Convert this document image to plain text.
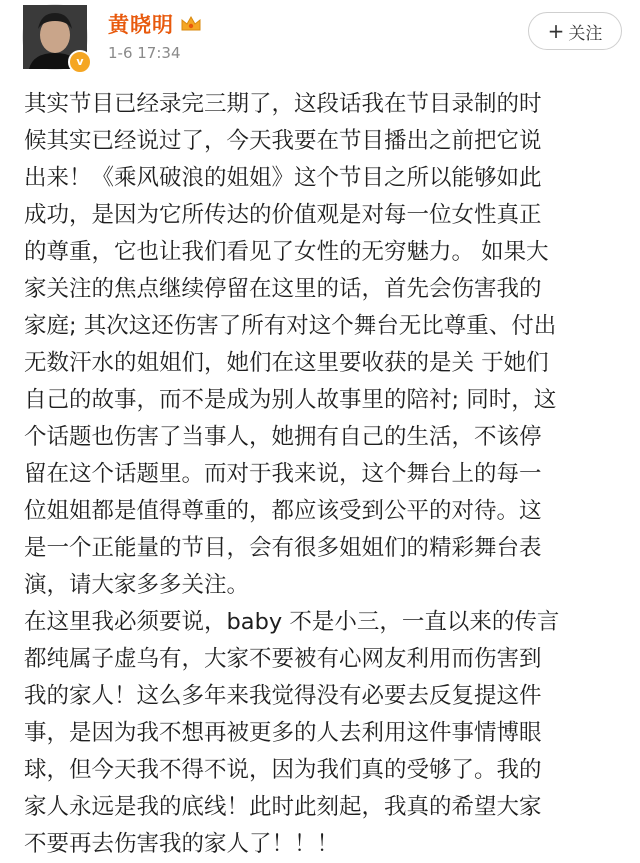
v
黄晓明
1-6 17:34
+ 关注
其实节目已经录完三期了，这段话我在节目录制的时
候其实已经说过了，今天我要在节目播出之前把它说
出来！《乘风破浪的姐姐》这个节目之所以能够如此
成功，是因为它所传达的价值观是对每一位女性真正
的尊重，它也让我们看见了女性的无穷魅力。 如果大
家关注的焦点继续停留在这里的话，首先会伤害我的
家庭; 其次这还伤害了所有对这个舞台无比尊重、付出
无数汗水的姐姐们，她们在这里要收获的是关 于她们
自己的故事，而不是成为别人故事里的陪衬; 同时，这
个话题也伤害了当事人，她拥有自己的生活，不该停
留在这个话题里。而对于我来说，这个舞台上的每一
位姐姐都是值得尊重的，都应该受到公平的对待。这
是一个正能量的节目，会有很多姐姐们的精彩舞台表
演，请大家多多关注。
在这里我必须要说，baby 不是小三，一直以来的传言
都纯属子虚乌有，大家不要被有心网友利用而伤害到
我的家人！这么多年来我觉得没有必要去反复提这件
事，是因为我不想再被更多的人去利用这件事情博眼
球，但今天我不得不说，因为我们真的受够了。我的
家人永远是我的底线！此时此刻起，我真的希望大家
不要再去伤害我的家人了！！！
